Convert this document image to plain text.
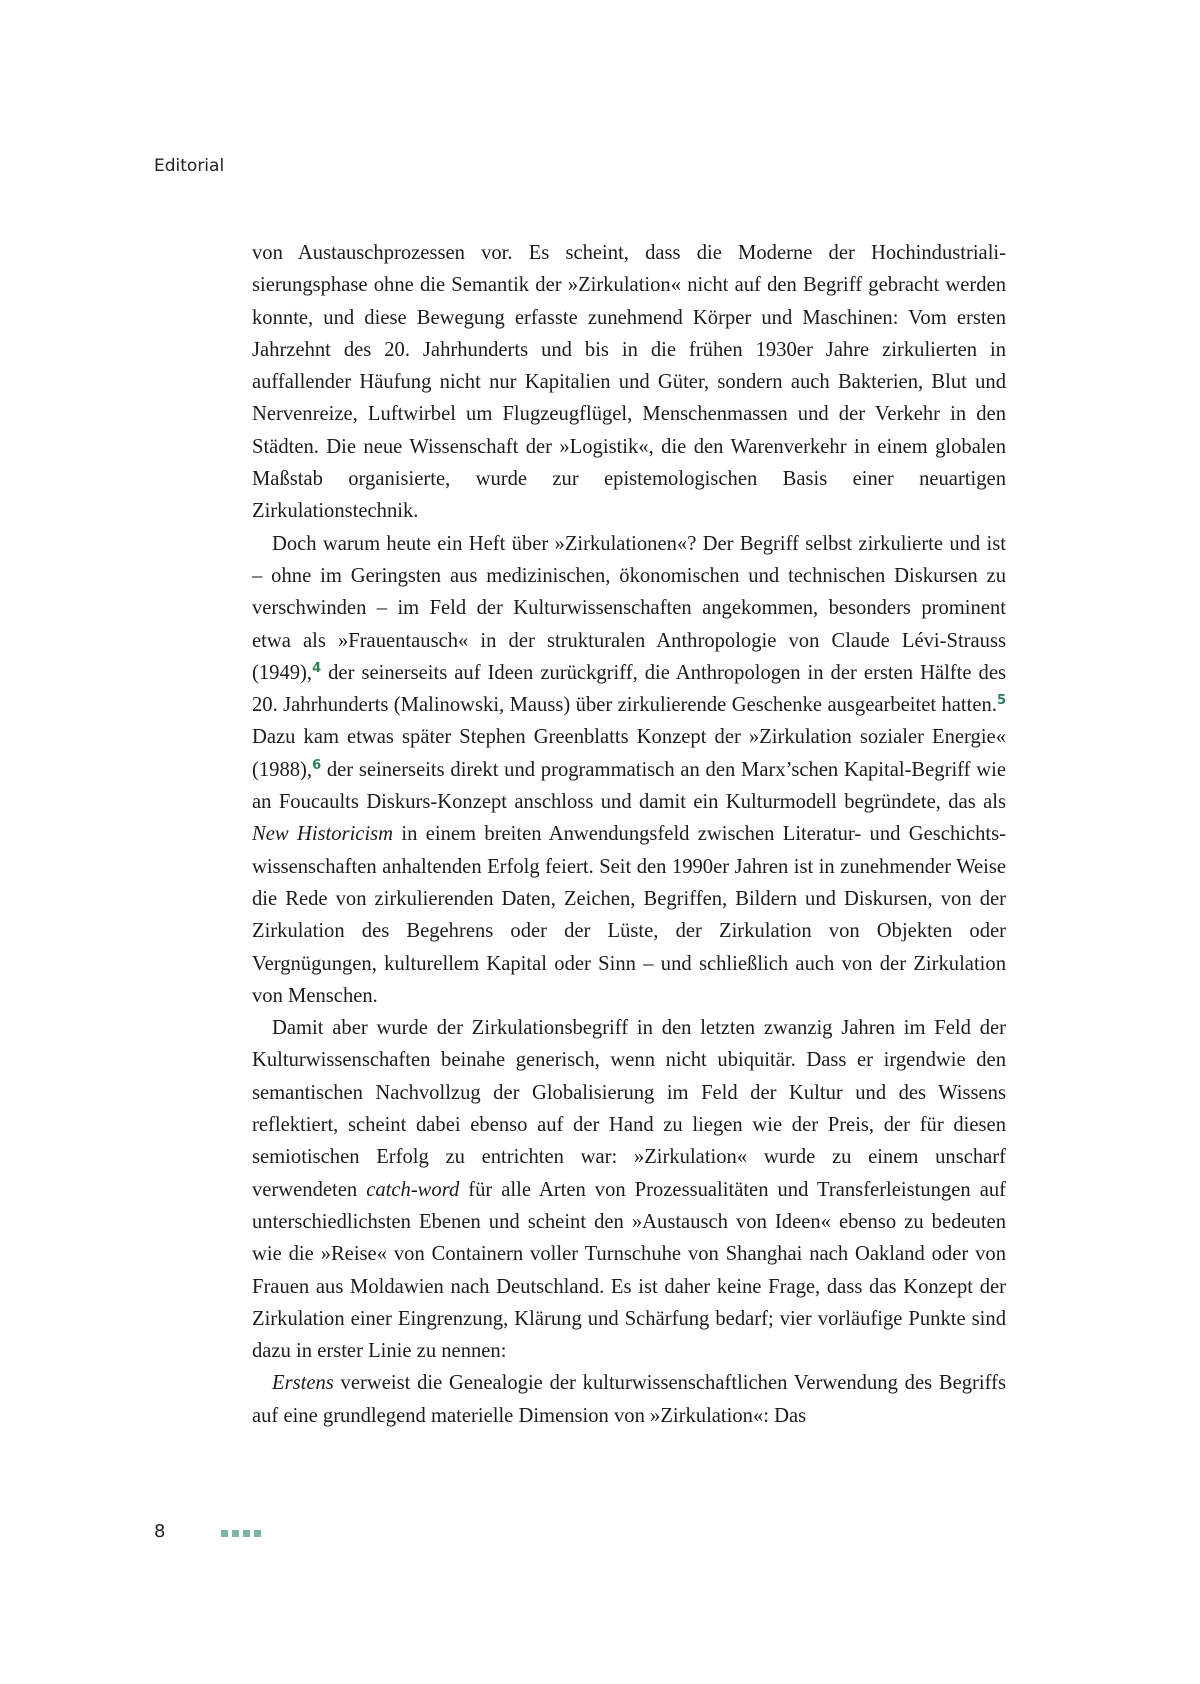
Editorial

von Austauschprozessen vor. Es scheint, dass die Moderne der Hochindustrialisierungsphase ohne die Semantik der »Zirkulation« nicht auf den Begriff gebracht werden konnte, und diese Bewegung erfasste zunehmend Körper und Maschinen: Vom ersten Jahrzehnt des 20. Jahrhunderts und bis in die frühen 1930er Jahre zirkulierten in auffallender Häufung nicht nur Kapitalien und Güter, sondern auch Bakterien, Blut und Nervenreize, Luftwirbel um Flugzeugflügel, Menschenmassen und der Verkehr in den Städten. Die neue Wissenschaft der »Logistik«, die den Warenverkehr in einem globalen Maßstab organisierte, wurde zur epistemologischen Basis einer neuartigen Zirkulationstechnik.

Doch warum heute ein Heft über »Zirkulationen«? Der Begriff selbst zirkulierte und ist – ohne im Geringsten aus medizinischen, ökonomischen und technischen Diskursen zu verschwinden – im Feld der Kulturwissenschaften angekommen, besonders prominent etwa als »Frauentausch« in der strukturalen Anthropologie von Claude Lévi-Strauss (1949),$^4$ der seinerseits auf Ideen zurückgriff, die Anthropologen in der ersten Hälfte des 20. Jahrhunderts (Malinowski, Mauss) über zirkulierende Geschenke ausgearbeitet hatten.$^5$ Dazu kam etwas später Stephen Greenblatts Konzept der »Zirkulation sozialer Energie« (1988),$^6$ der seinerseits direkt und programmatisch an den Marx’schen Kapital-Begriff wie an Foucaults Diskurs-Konzept anschloss und damit ein Kulturmodell begründete, das als New Historicism in einem breiten Anwendungsfeld zwischen Literatur- und Geschichtswissenschaften anhaltenden Erfolg feiert. Seit den 1990er Jahren ist in zunehmender Weise die Rede von zirkulierenden Daten, Zeichen, Begriffen, Bildern und Diskursen, von der Zirkulation des Begehrens oder der Lüste, der Zirkulation von Objekten oder Vergnügungen, kulturellem Kapital oder Sinn – und schließlich auch von der Zirkulation von Menschen.

Damit aber wurde der Zirkulationsbegriff in den letzten zwanzig Jahren im Feld der Kulturwissenschaften beinahe generisch, wenn nicht ubiquitär. Dass er irgendwie den semantischen Nachvollzug der Globalisierung im Feld der Kultur und des Wissens reflektiert, scheint dabei ebenso auf der Hand zu liegen wie der Preis, der für diesen semiotischen Erfolg zu entrichten war: »Zirkulation« wurde zu einem unscharf verwendeten catch-word für alle Arten von Prozessualitäten und Transferleistungen auf unterschiedlichsten Ebenen und scheint den »Austausch von Ideen« ebenso zu bedeuten wie die »Reise« von Containern voller Turnschuhe von Shanghai nach Oakland oder von Frauen aus Moldawien nach Deutschland. Es ist daher keine Frage, dass das Konzept der Zirkulation einer Eingrenzung, Klärung und Schärfung bedarf; vier vorläufige Punkte sind dazu in erster Linie zu nennen:

Erstens verweist die Genealogie der kulturwissenschaftlichen Verwendung des Begriffs auf eine grundlegend materielle Dimension von »Zirkulation«: Das

8
